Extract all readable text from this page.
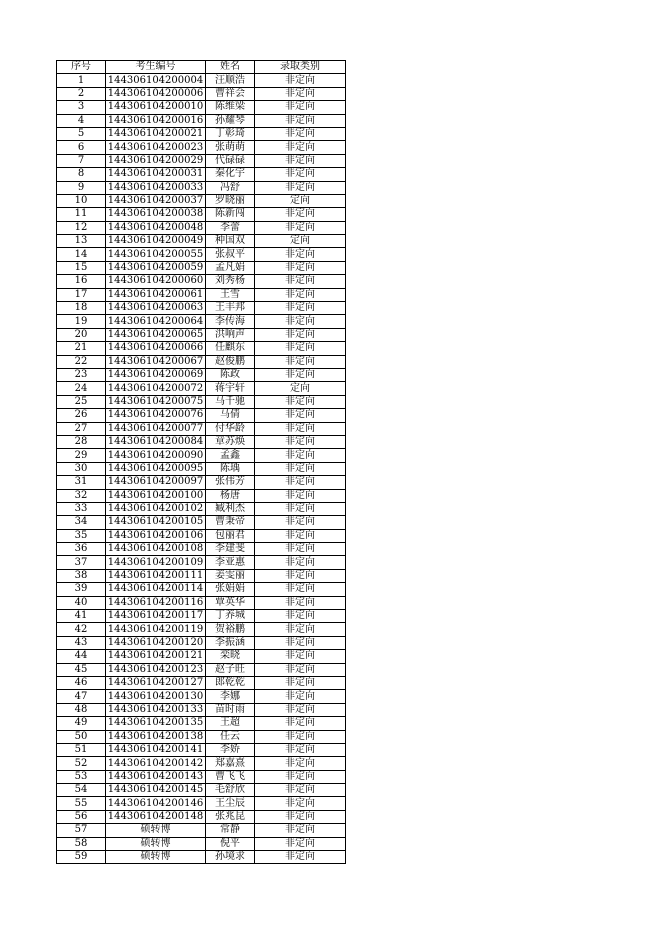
序号	考生编号	姓名	录取类别
1	144306104200004	汪顺浩	非定向
2	144306104200006	曹祥会	非定向
3	144306104200010	陈维梁	非定向
4	144306104200016	孙耀琴	非定向
5	144306104200021	丁彰琦	非定向
6	144306104200023	张萌萌	非定向
7	144306104200029	代碌碌	非定向
8	144306104200031	秦化宇	非定向
9	144306104200033	冯舒	非定向
10	144306104200037	罗晓丽	定向
11	144306104200038	陈新闯	非定向
12	144306104200048	李蕾	非定向
13	144306104200049	种国双	定向
14	144306104200055	张叔平	非定向
15	144306104200059	孟凡娟	非定向
16	144306104200060	刘秀杨	非定向
17	144306104200061	王雪	非定向
18	144306104200063	王丰邦	非定向
19	144306104200064	李传海	非定向
20	144306104200065	洪响声	非定向
21	144306104200066	任麒东	非定向
22	144306104200067	赵俊鹏	非定向
23	144306104200069	陈政	非定向
24	144306104200072	蒋宇轩	定向
25	144306104200075	马千驰	非定向
26	144306104200076	马倩	非定向
27	144306104200077	付华龄	非定向
28	144306104200084	章苏焕	非定向
29	144306104200090	孟鑫	非定向
30	144306104200095	陈瑀	非定向
31	144306104200097	张伟芳	非定向
32	144306104200100	杨唐	非定向
33	144306104200102	臧利杰	非定向
34	144306104200105	曹秉帝	非定向
35	144306104200106	包丽君	非定向
36	144306104200108	李建斐	非定向
37	144306104200109	李亚惠	非定向
38	144306104200111	姜雯丽	非定向
39	144306104200114	张娟娟	非定向
40	144306104200116	覃英华	非定向
41	144306104200117	丁养城	非定向
42	144306104200119	贺裕鹏	非定向
43	144306104200120	李振涵	非定向
44	144306104200121	栾晓	非定向
45	144306104200123	赵子旺	非定向
46	144306104200127	郎乾乾	非定向
47	144306104200130	李娜	非定向
48	144306104200133	苗时雨	非定向
49	144306104200135	王超	非定向
50	144306104200138	任云	非定向
51	144306104200141	李娇	非定向
52	144306104200142	郑嘉熹	非定向
53	144306104200143	曹飞飞	非定向
54	144306104200145	毛舒欣	非定向
55	144306104200146	王尘辰	非定向
56	144306104200148	张兆昆	非定向
57	硕转博	常静	非定向
58	硕转博	倪平	非定向
59	硕转博	孙境求	非定向
